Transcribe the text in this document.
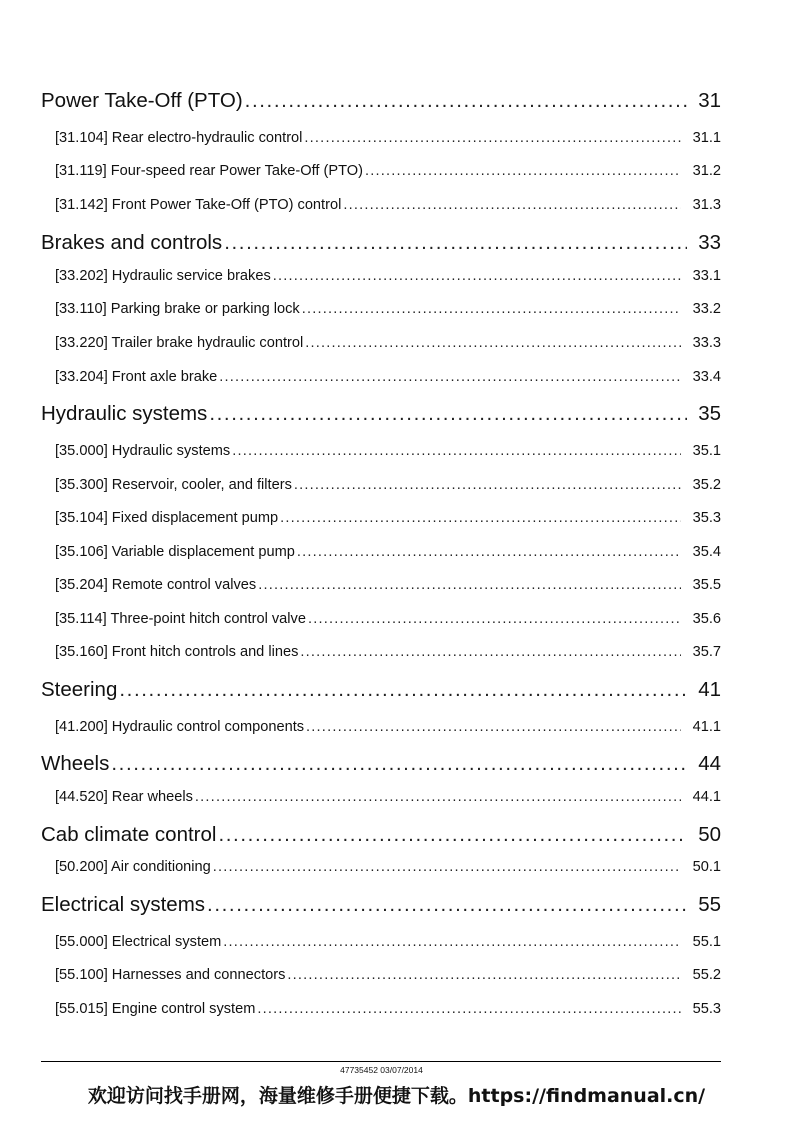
Power Take-Off (PTO) .....	31
[31.104] Rear electro-hydraulic control .....	31.1
[31.119] Four-speed rear Power Take-Off (PTO) .....	31.2
[31.142] Front Power Take-Off (PTO) control .....	31.3
Brakes and controls .....	33
[33.202] Hydraulic service brakes .....	33.1
[33.110] Parking brake or parking lock .....	33.2
[33.220] Trailer brake hydraulic control .....	33.3
[33.204] Front axle brake .....	33.4
Hydraulic systems .....	35
[35.000] Hydraulic systems .....	35.1
[35.300] Reservoir, cooler, and filters .....	35.2
[35.104] Fixed displacement pump .....	35.3
[35.106] Variable displacement pump .....	35.4
[35.204] Remote control valves .....	35.5
[35.114] Three-point hitch control valve .....	35.6
[35.160] Front hitch controls and lines .....	35.7
Steering .....	41
[41.200] Hydraulic control components .....	41.1
Wheels .....	44
[44.520] Rear wheels .....	44.1
Cab climate control .....	50
[50.200] Air conditioning .....	50.1
Electrical systems .....	55
[55.000] Electrical system .....	55.1
[55.100] Harnesses and connectors .....	55.2
[55.015] Engine control system .....	55.3
47735452 03/07/2014
欢迎访问找手册网，海量维修手册便捷下载。https://findmanual.cn/
